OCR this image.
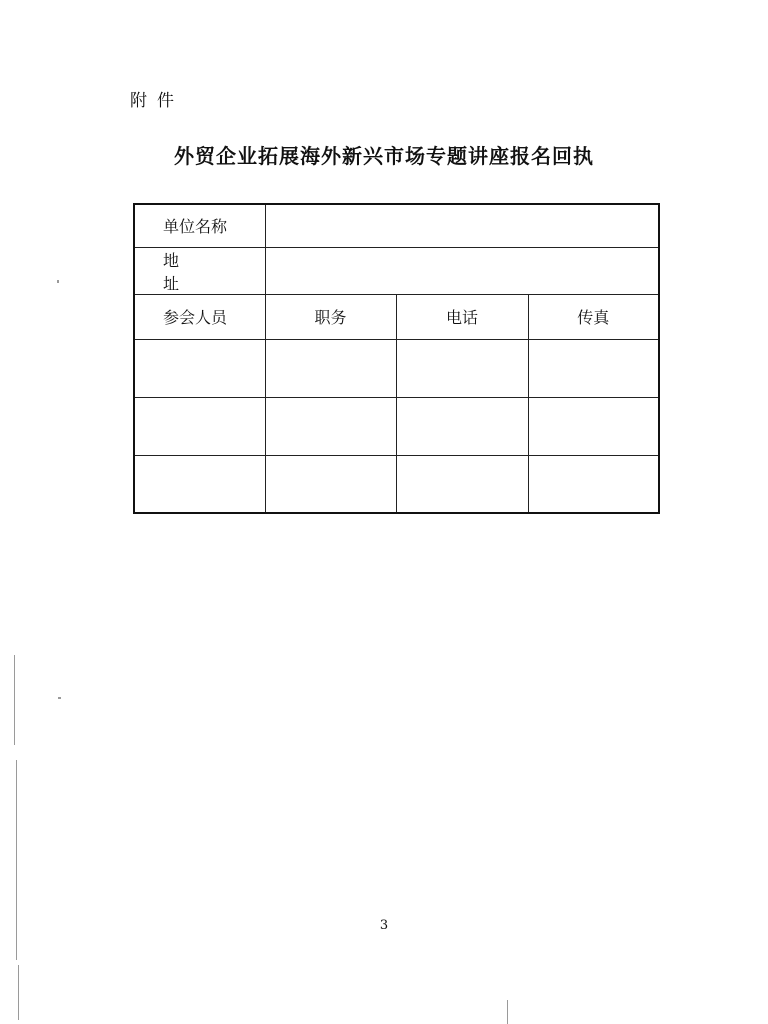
附件
外贸企业拓展海外新兴市场专题讲座报名回执
单位名称			
地址			
参会人员	职务	电话	传真

3
